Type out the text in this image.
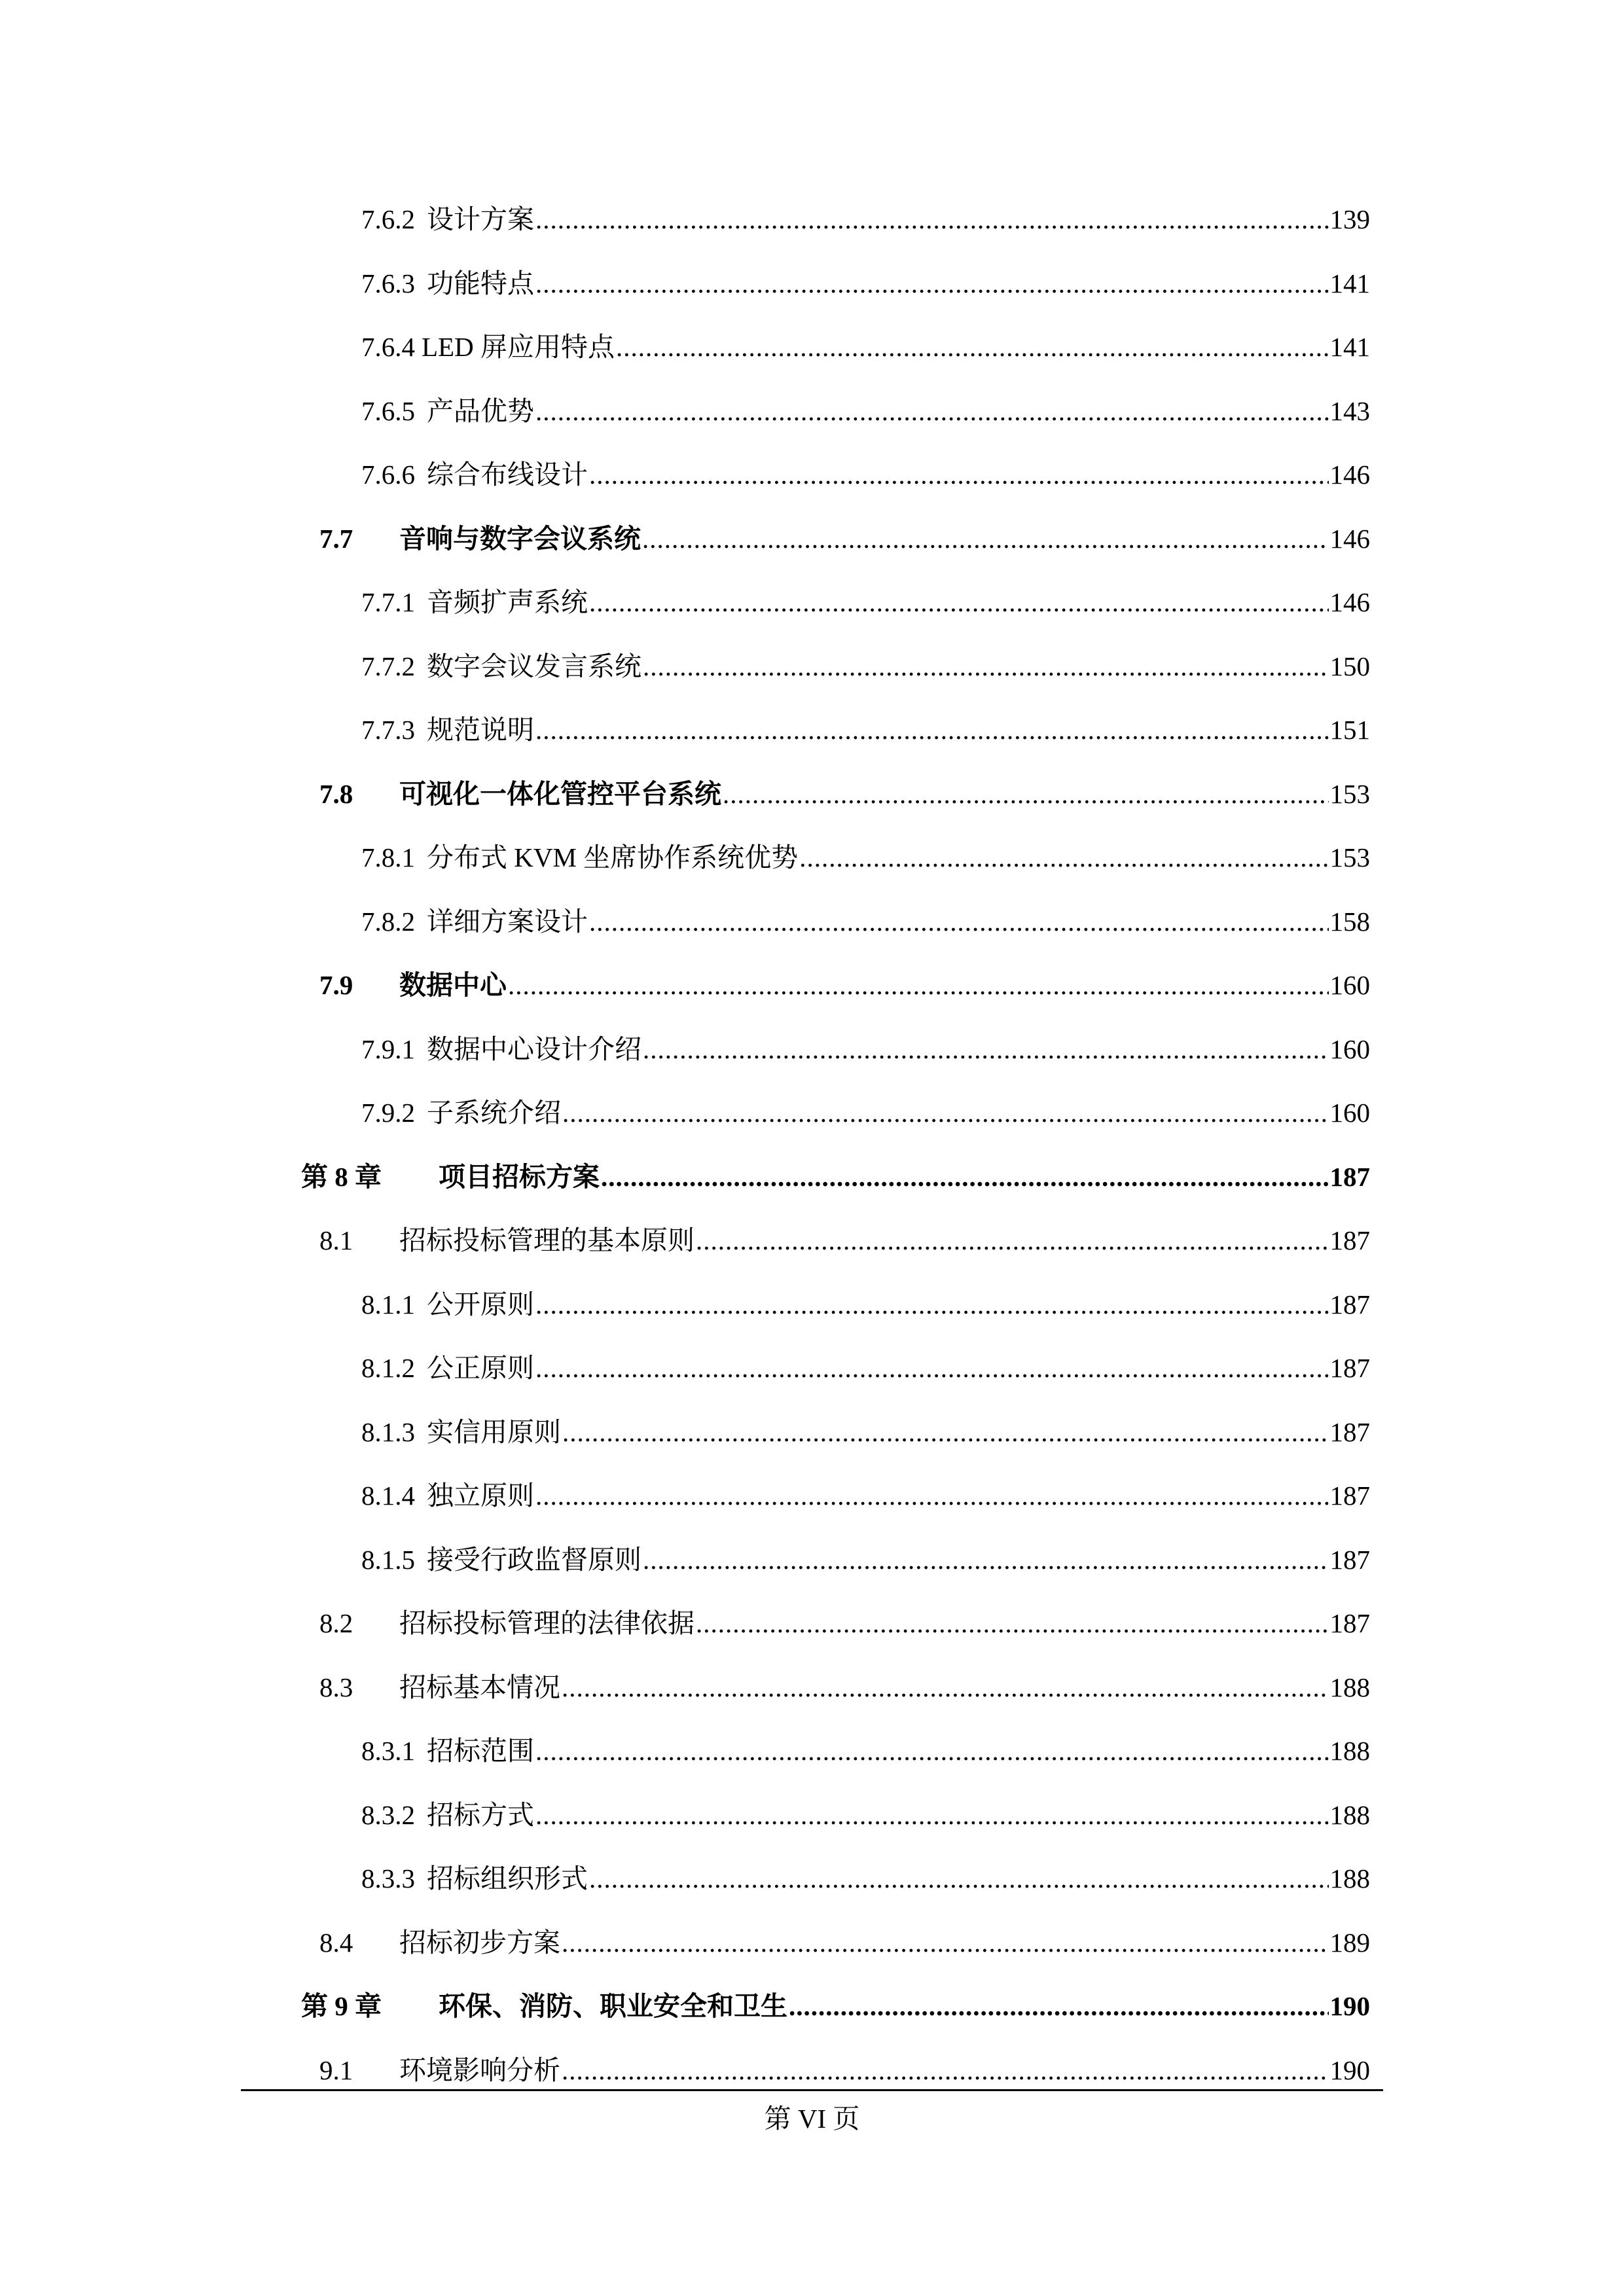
7.6.2 设计方案 .....	139
7.6.3 功能特点 .....	141
7.6.4 LED 屏应用特点 .....	141
7.6.5 产品优势 .....	143
7.6.6 综合布线设计 .....	146
7.7	音响与数字会议系统 .....	146
7.7.1 音频扩声系统 .....	146
7.7.2 数字会议发言系统 .....	150
7.7.3 规范说明 .....	151
7.8	可视化一体化管控平台系统 .....	153
7.8.1 分布式 KVM 坐席协作系统优势 .....	153
7.8.2 详细方案设计 .....	158
7.9	数据中心 .....	160
7.9.1 数据中心设计介绍 .....	160
7.9.2 子系统介绍 .....	160
第 8 章 项目招标方案 .....	187
8.1	招标投标管理的基本原则 .....	187
8.1.1 公开原则 .....	187
8.1.2 公正原则 .....	187
8.1.3 实信用原则 .....	187
8.1.4 独立原则 .....	187
8.1.5 接受行政监督原则 .....	187
8.2	招标投标管理的法律依据 .....	187
8.3	招标基本情况 .....	188
8.3.1 招标范围 .....	188
8.3.2 招标方式 .....	188
8.3.3 招标组织形式 .....	188
8.4	招标初步方案 .....	189
第 9 章 环保、消防、职业安全和卫生 .....	190
9.1	环境影响分析 .....	190
第 VI 页
